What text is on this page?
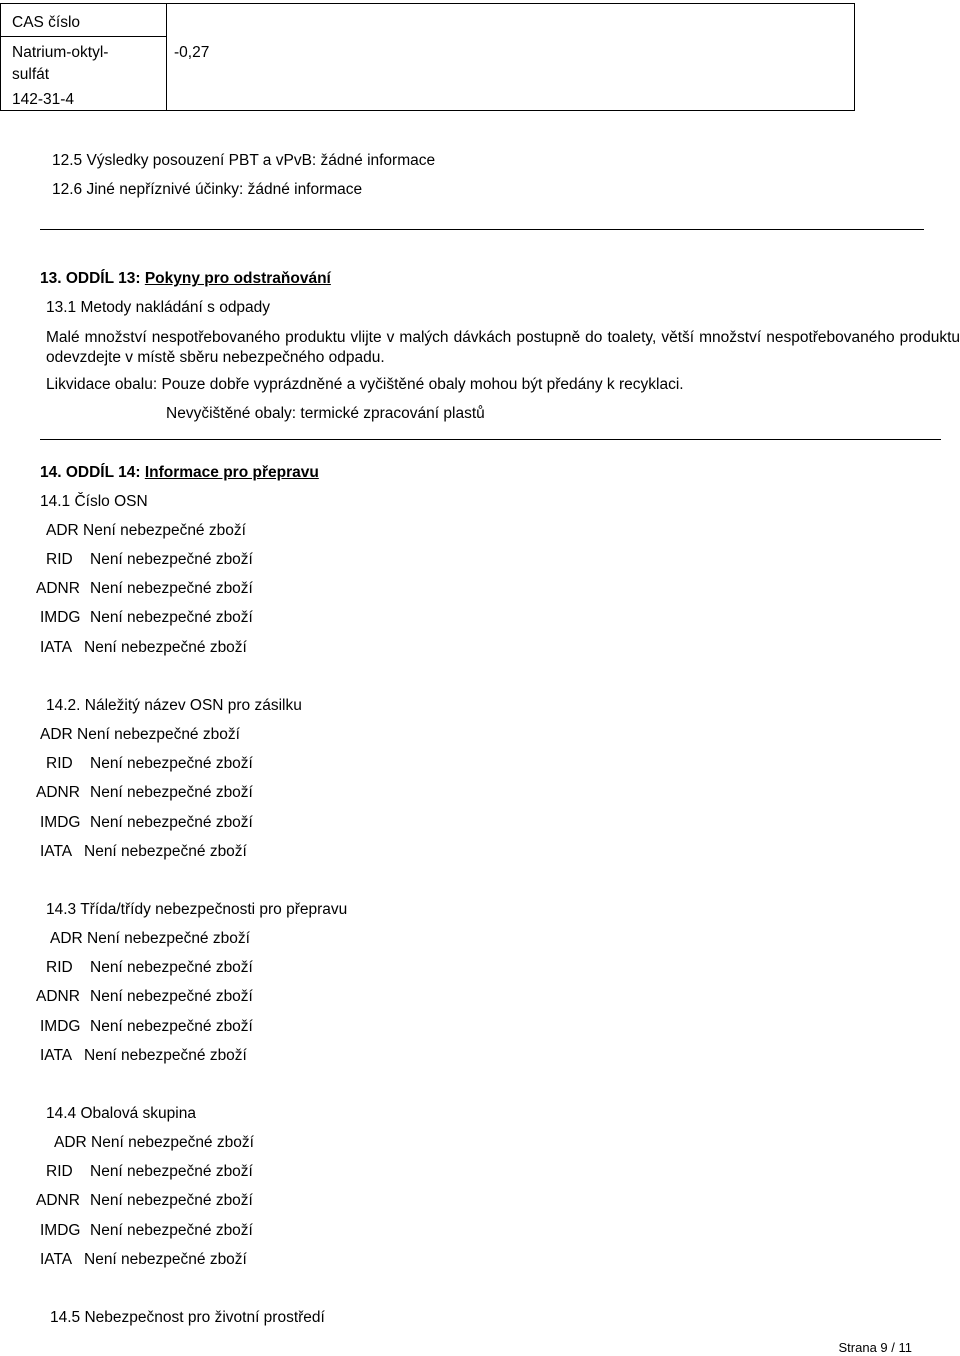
CAS číslo
Natrium-oktyl-
sulfát
142-31-4
-0,27
12.5 Výsledky posouzení PBT a vPvB: žádné informace
12.6 Jiné nepříznivé účinky: žádné informace
13. ODDÍL 13: Pokyny pro odstraňování
13.1 Metody nakládání s odpady
Malé množství nespotřebovaného produktu vlijte v malých dávkách postupně do toalety, větší množství nespotřebovaného produktu odevzdejte v místě sběru nebezpečného odpadu.
Likvidace obalu: Pouze dobře vyprázdněné a vyčištěné obaly mohou být předány k recyklaci.
Nevyčištěné obaly: termické zpracování plastů
14. ODDÍL 14: Informace pro přepravu
14.1 Číslo OSN
ADR Není nebezpečné zboží
RID Není nebezpečné zboží
ADNR Není nebezpečné zboží
IMDG Není nebezpečné zboží
IATA Není nebezpečné zboží
14.2. Náležitý název OSN pro zásilku
ADR Není nebezpečné zboží
RID Není nebezpečné zboží
ADNR Není nebezpečné zboží
IMDG Není nebezpečné zboží
IATA Není nebezpečné zboží
14.3 Třída/třídy nebezpečnosti pro přepravu
ADR Není nebezpečné zboží
RID Není nebezpečné zboží
ADNR Není nebezpečné zboží
IMDG Není nebezpečné zboží
IATA Není nebezpečné zboží
14.4 Obalová skupina
ADR Není nebezpečné zboží
RID Není nebezpečné zboží
ADNR Není nebezpečné zboží
IMDG Není nebezpečné zboží
IATA Není nebezpečné zboží
14.5 Nebezpečnost pro životní prostředí
Strana 9 / 11
